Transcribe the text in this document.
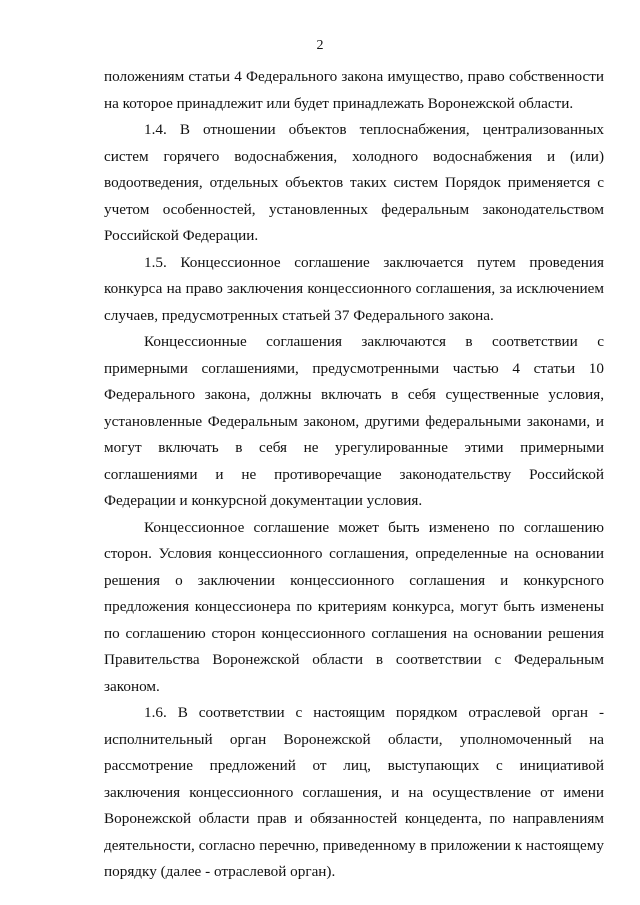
2

положениям статьи 4 Федерального закона имущество, право собственности на которое принадлежит или будет принадлежать Воронежской области.

1.4. В отношении объектов теплоснабжения, централизованных систем горячего водоснабжения, холодного водоснабжения и (или) водоотведения, отдельных объектов таких систем Порядок применяется с учетом особенностей, установленных федеральным законодательством Российской Федерации.

1.5. Концессионное соглашение заключается путем проведения конкурса на право заключения концессионного соглашения, за исключением случаев, предусмотренных статьей 37 Федерального закона.

Концессионные соглашения заключаются в соответствии с примерными соглашениями, предусмотренными частью 4 статьи 10 Федерального закона, должны включать в себя существенные условия, установленные Федеральным законом, другими федеральными законами, и могут включать в себя не урегулированные этими примерными соглашениями и не противоречащие законодательству Российской Федерации и конкурсной документации условия.

Концессионное соглашение может быть изменено по соглашению сторон. Условия концессионного соглашения, определенные на основании решения о заключении концессионного соглашения и конкурсного предложения концессионера по критериям конкурса, могут быть изменены по соглашению сторон концессионного соглашения на основании решения Правительства Воронежской области в соответствии с Федеральным законом.

1.6. В соответствии с настоящим порядком отраслевой орган - исполнительный орган Воронежской области, уполномоченный на рассмотрение предложений от лиц, выступающих с инициативой заключения концессионного соглашения, и на осуществление от имени Воронежской области прав и обязанностей концедента, по направлениям деятельности, согласно перечню, приведенному в приложении к настоящему порядку (далее - отраслевой орган).
